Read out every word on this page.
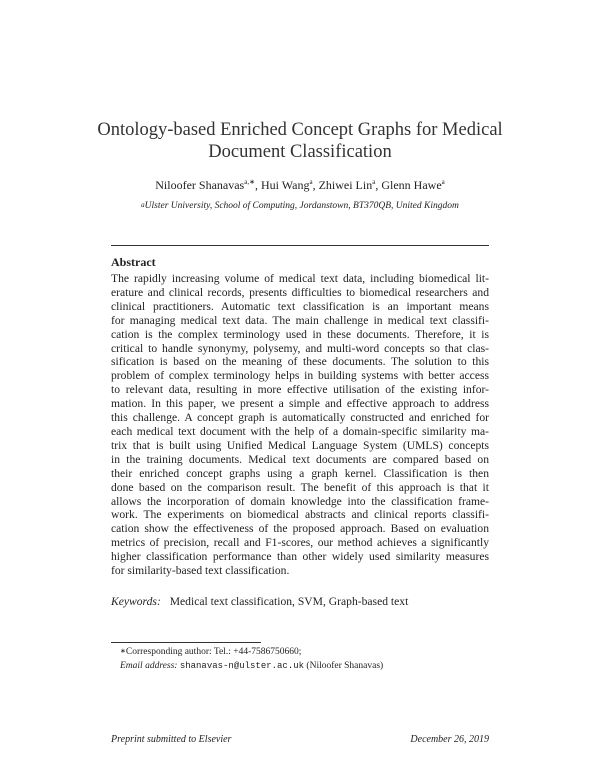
Ontology-based Enriched Concept Graphs for Medical
Document Classification
Niloofer Shanavas$^{a,∗}$, Hui Wang$^a$, Zhiwei Lin$^a$, Glenn Hawe$^a$
$^a$Ulster University, School of Computing, Jordanstown, BT370QB, United Kingdom
Abstract
The rapidly increasing volume of medical text data, including biomedical lit-
erature and clinical records, presents difficulties to biomedical researchers and
clinical practitioners. Automatic text classification is an important means
for managing medical text data. The main challenge in medical text classifi-
cation is the complex terminology used in these documents. Therefore, it is
critical to handle synonymy, polysemy, and multi-word concepts so that clas-
sification is based on the meaning of these documents. The solution to this
problem of complex terminology helps in building systems with better access
to relevant data, resulting in more effective utilisation of the existing infor-
mation. In this paper, we present a simple and effective approach to address
this challenge. A concept graph is automatically constructed and enriched for
each medical text document with the help of a domain-specific similarity ma-
trix that is built using Unified Medical Language System (UMLS) concepts
in the training documents. Medical text documents are compared based on
their enriched concept graphs using a graph kernel. Classification is then
done based on the comparison result. The benefit of this approach is that it
allows the incorporation of domain knowledge into the classification frame-
work. The experiments on biomedical abstracts and clinical reports classifi-
cation show the effectiveness of the proposed approach. Based on evaluation
metrics of precision, recall and F1-scores, our method achieves a significantly
higher classification performance than other widely used similarity measures
for similarity-based text classification.
Keywords: Medical text classification, SVM, Graph-based text
∗Corresponding author: Tel.: +44-7586750660;
Email address: shanavas-n@ulster.ac.uk (Niloofer Shanavas)
Preprint submitted to Elsevier	December 26, 2019
